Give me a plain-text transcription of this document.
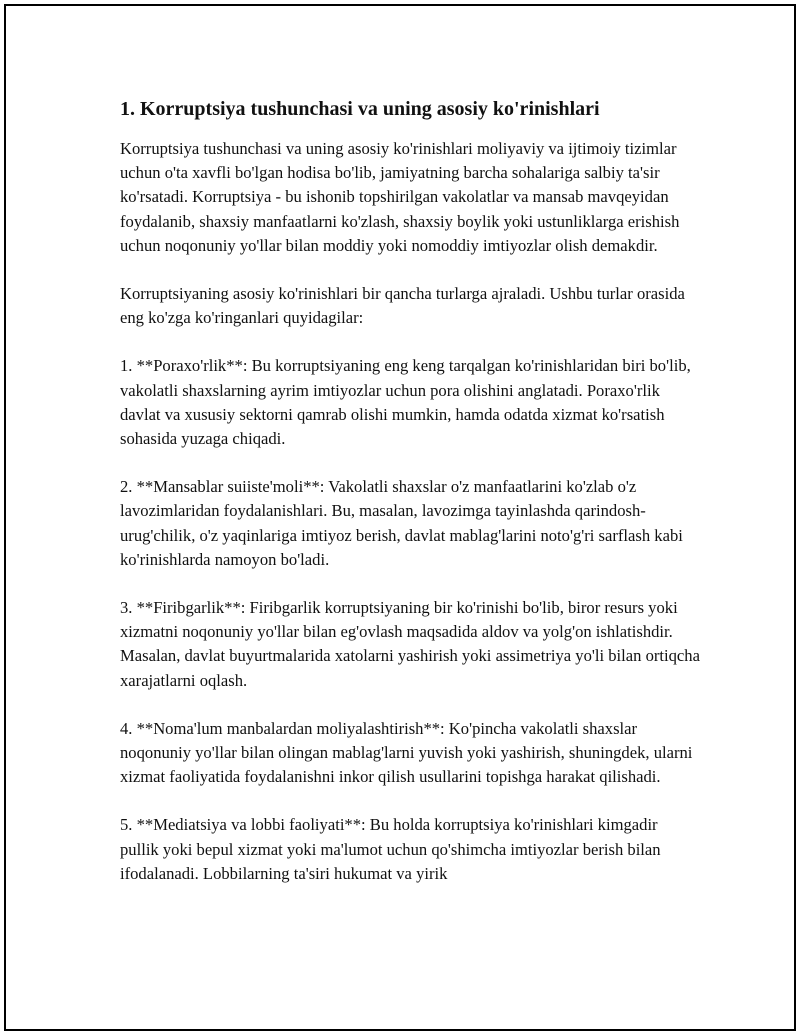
1. Korruptsiya tushunchasi va uning asosiy ko'rinishlari

Korruptsiya tushunchasi va uning asosiy ko'rinishlari moliyaviy va ijtimoiy tizimlar uchun o'ta xavfli bo'lgan hodisa bo'lib, jamiyatning barcha sohalariga salbiy ta'sir ko'rsatadi. Korruptsiya - bu ishonib topshirilgan vakolatlar va mansab mavqeyidan foydalanib, shaxsiy manfaatlarni ko'zlash, shaxsiy boylik yoki ustunliklarga erishish uchun noqonuniy yo'llar bilan moddiy yoki nomoddiy imtiyozlar olish demakdir.

Korruptsiyaning asosiy ko'rinishlari bir qancha turlarga ajraladi. Ushbu turlar orasida eng ko'zga ko'ringanlari quyidagilar:

1. **Poraxo'rlik**: Bu korruptsiyaning eng keng tarqalgan ko'rinishlaridan biri bo'lib, vakolatli shaxslarning ayrim imtiyozlar uchun pora olishini anglatadi. Poraxo'rlik davlat va xususiy sektorni qamrab olishi mumkin, hamda odatda xizmat ko'rsatish sohasida yuzaga chiqadi.

2. **Mansablar suiiste'moli**: Vakolatli shaxslar o'z manfaatlarini ko'zlab o'z lavozimlaridan foydalanishlari. Bu, masalan, lavozimga tayinlashda qarindosh-urug'chilik, o'z yaqinlariga imtiyoz berish, davlat mablag'larini noto'g'ri sarflash kabi ko'rinishlarda namoyon bo'ladi.

3. **Firibgarlik**: Firibgarlik korruptsiyaning bir ko'rinishi bo'lib, biror resurs yoki xizmatni noqonuniy yo'llar bilan eg'ovlash maqsadida aldov va yolg'on ishlatishdir. Masalan, davlat buyurtmalarida xatolarni yashirish yoki assimetriya yo'li bilan ortiqcha xarajatlarni oqlash.

4. **Noma'lum manbalardan moliyalashtirish**: Ko'pincha vakolatli shaxslar noqonuniy yo'llar bilan olingan mablag'larni yuvish yoki yashirish, shuningdek, ularni xizmat faoliyatida foydalanishni inkor qilish usullarini topishga harakat qilishadi.

5. **Mediatsiya va lobbi faoliyati**: Bu holda korruptsiya ko'rinishlari kimgadir pullik yoki bepul xizmat yoki ma'lumot uchun qo'shimcha imtiyozlar berish bilan ifodalanadi. Lobbilarning ta'siri hukumat va yirik
